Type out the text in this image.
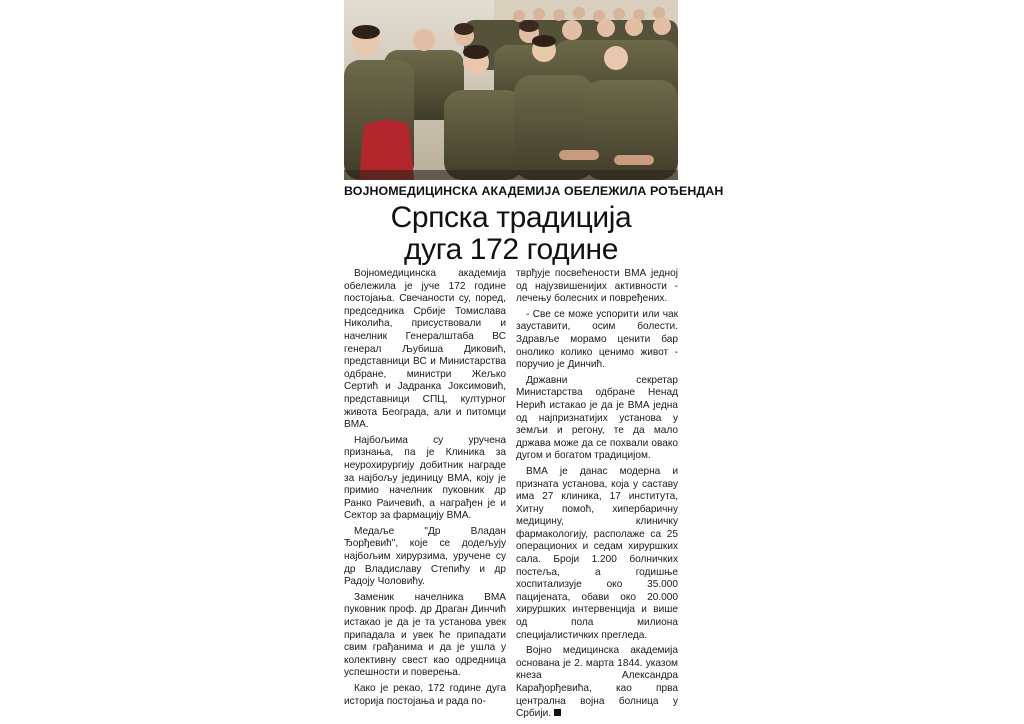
ВОЈНОМЕДИЦИНСКА АКАДЕМИЈА ОБЕЛЕЖИЛА РОЂЕНДАН
Српска традиција
дуга 172 године

Војномедицинска академија обележила је јуче 172 године постојања. Свечаности су, поред, председника Србије Томислава Николића, присуствовали и начелник Генералштаба ВС генерал Љубиша Диковић, представници ВС и Министарства одбране, министри Жељко Сертић и Јадранка Јоксимовић, представници СПЦ, културног живота Београда, али и питомци ВМА.

Најбољима су уручена признања, па је Клиника за неурохирургију добитник награде за најбољу јединицу ВМА, коју је примио начелник пуковник др Ранко Раичевић, а награђен је и Сектор за фармацију ВМА.

Медаље "Др Владан Ђорђевић", које се додељују најбољим хирурзима, уручене су др Владиславу Степићу и др Радоју Чоловићу.

Заменик начелника ВМА пуковник проф. др Драган Динчић истакао је да је та установа увек припадала и увек ће припадати свим грађанима и да је ушла у колективну свест као одредница успешности и поверења.

Како је рекао, 172 године дуга историја постојања и рада по-

тврђује посвећености ВМА једној од најузвишенијих активности - лечењу болесних и повређених.

- Све се може успорити или чак зауставити, осим болести. Здравље морамо ценити бар онолико колико ценимо живот - поручио је Динчић.

Државни секретар Министарства одбране Ненад Нерић истакао је да је ВМА једна од најпризнатијих установа у земљи и регону, те да мало држава може да се похвали овако дугом и богатом традицијом.

ВМА је данас модерна и призната установа, која у саставу има 27 клиника, 17 института, Хитну помоћ, хипербаричну медицину, клиничку фармакологију, располаже са 25 операционих и седам хируршких сала. Броји 1.200 болничких постеља, а годишње хоспитализује око 35.000 пацијената, обави око 20.000 хируршких интервенција и више од пола милиона специјалистичких прегледа.

Војно медицинска академија основана је 2. марта 1844. указом кнеза Александра Карађорђевића, као прва централна војна болница у Србији.
